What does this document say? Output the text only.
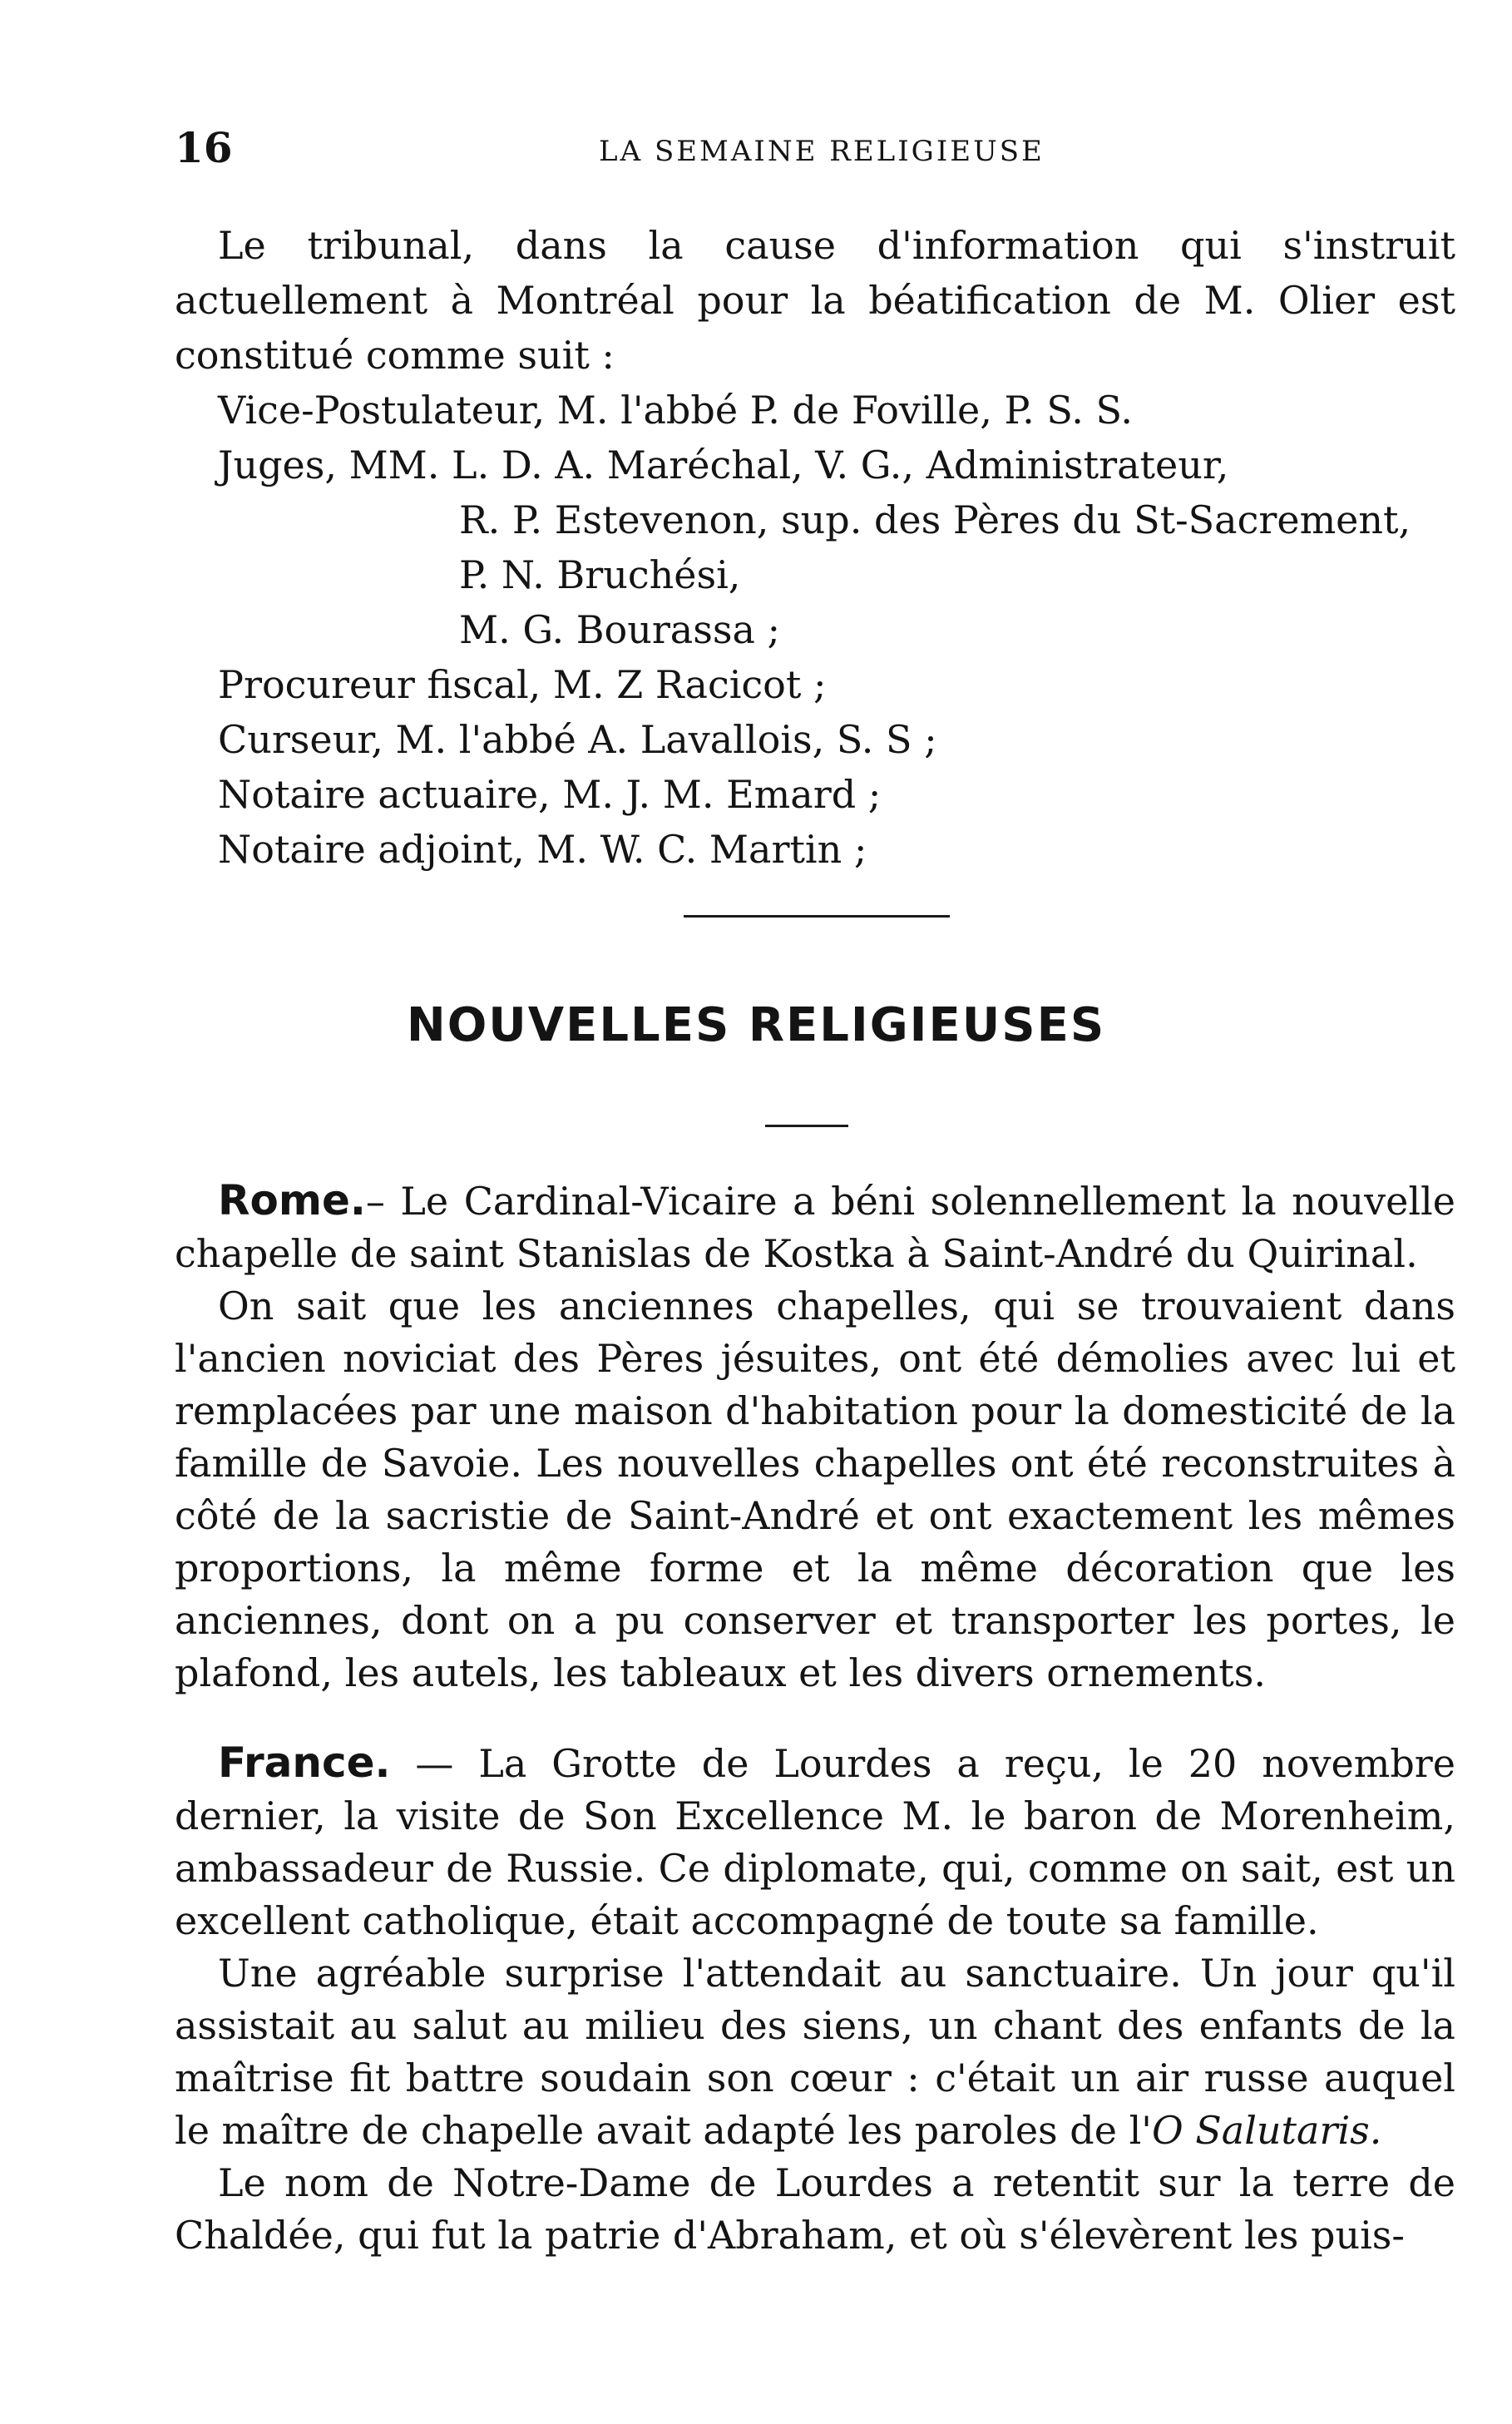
16	LA SEMAINE RELIGIEUSE

Le tribunal, dans la cause d'information qui s'instruit actuellement à Montréal pour la béatification de M. Olier est constitué comme suit :

Vice-Postulateur, M. l'abbé P. de Foville, P. S. S.
Juges, MM. L. D. A. Maréchal, V. G., Administrateur,
R. P. Estevenon, sup. des Pères du St-Sacrement,
P. N. Bruchési,
M. G. Bourassa ;
Procureur fiscal, M. Z Racicot ;
Curseur, M. l'abbé A. Lavallois, S. S ;
Notaire actuaire, M. J. M. Emard ;
Notaire adjoint, M. W. C. Martin ;
NOUVELLES RELIGIEUSES

Rome.– Le Cardinal-Vicaire a béni solennellement la nouvelle chapelle de saint Stanislas de Kostka à Saint-André du Quirinal.

On sait que les anciennes chapelles, qui se trouvaient dans l'ancien noviciat des Pères jésuites, ont été démolies avec lui et remplacées par une maison d'habitation pour la domesticité de la famille de Savoie. Les nouvelles chapelles ont été reconstruites à côté de la sacristie de Saint-André et ont exactement les mêmes proportions, la même forme et la même décoration que les anciennes, dont on a pu conserver et transporter les portes, le plafond, les autels, les tableaux et les divers ornements.

France. — La Grotte de Lourdes a reçu, le 20 novembre dernier, la visite de Son Excellence M. le baron de Morenheim, ambassadeur de Russie. Ce diplomate, qui, comme on sait, est un excellent catholique, était accompagné de toute sa famille.

Une agréable surprise l'attendait au sanctuaire. Un jour qu'il assistait au salut au milieu des siens, un chant des enfants de la maîtrise fit battre soudain son cœur : c'était un air russe auquel le maître de chapelle avait adapté les paroles de l'O Salutaris.

Le nom de Notre-Dame de Lourdes a retentit sur la terre de Chaldée, qui fut la patrie d'Abraham, et où s'élevèrent les puis-
